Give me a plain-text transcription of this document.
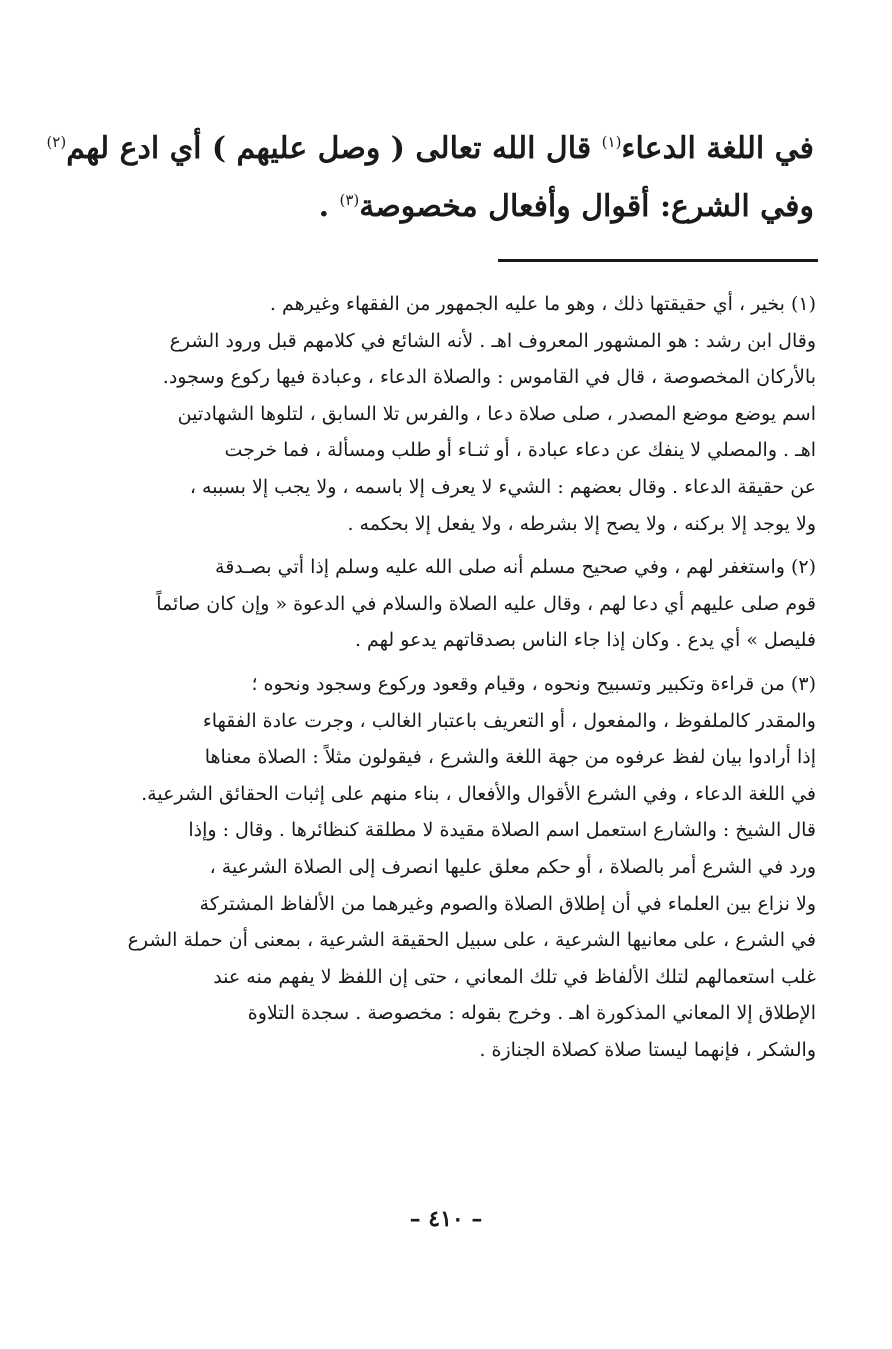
في اللغة الدعاء$^{(١)}$ قال الله تعالى ( وصل عليهم ) أي ادع لهم$^{(٢)}$
وفي الشرع: أقوال وأفعال مخصوصة$^{(٣)}$ .
(١) بخير ، أي حقيقتها ذلك ، وهو ما عليه الجمهور من الفقهاء وغيرهم .
وقال ابن رشد : هو المشهور المعروف اهـ . لأنه الشائع في كلامهم قبل ورود الشرع
بالأركان المخصوصة ، قال في القاموس : والصلاة الدعاء ، وعبادة فيها ركوع وسجود.
اسم يوضع موضع المصدر ، صلى صلاة دعا ، والفرس تلا السابق ، لتلوها الشهادتين
اهـ . والمصلي لا ينفك عن دعاء عبادة ، أو ثنـاء أو طلب ومسألة ، فما خرجت
عن حقيقة الدعاء . وقال بعضهم : الشيء لا يعرف إلا باسمه ، ولا يجب إلا بسببه ،
ولا يوجد إلا بركنه ، ولا يصح إلا بشرطه ، ولا يفعل إلا بحكمه .
(٢) واستغفر لهم ، وفي صحيح مسلم أنه صلى الله عليه وسلم إذا أتي بصـدقة
قوم صلى عليهم أي دعا لهم ، وقال عليه الصلاة والسلام في الدعوة « وإن كان صائماً
فليصل » أي يدع . وكان إذا جاء الناس بصدقاتهم يدعو لهم .
(٣) من قراءة وتكبير وتسبيح ونحوه ، وقيام وقعود وركوع وسجود ونحوه ؛
والمقدر كالملفوظ ، والمفعول ، أو التعريف باعتبار الغالب ، وجرت عادة الفقهاء
إذا أرادوا بيان لفظ عرفوه من جهة اللغة والشرع ، فيقولون مثلاً : الصلاة معناها
في اللغة الدعاء ، وفي الشرع الأقوال والأفعال ، بناء منهم على إثبات الحقائق الشرعية.
قال الشيخ : والشارع استعمل اسم الصلاة مقيدة لا مطلقة كنظائرها . وقال : وإذا
ورد في الشرع أمر بالصلاة ، أو حكم معلق عليها انصرف إلى الصلاة الشرعية ،
ولا نزاع بين العلماء في أن إطلاق الصلاة والصوم وغيرهما من الألفاظ المشتركة
في الشرع ، على معانيها الشرعية ، على سبيل الحقيقة الشرعية ، بمعنى أن حملة الشرع
غلب استعمالهم لتلك الألفاظ في تلك المعاني ، حتى إن اللفظ لا يفهم منه عند
الإطلاق إلا المعاني المذكورة اهـ . وخرج بقوله : مخصوصة . سجدة التلاوة
والشكر ، فإنهما ليستا صلاة كصلاة الجنازة .
– ٤١٠ –
